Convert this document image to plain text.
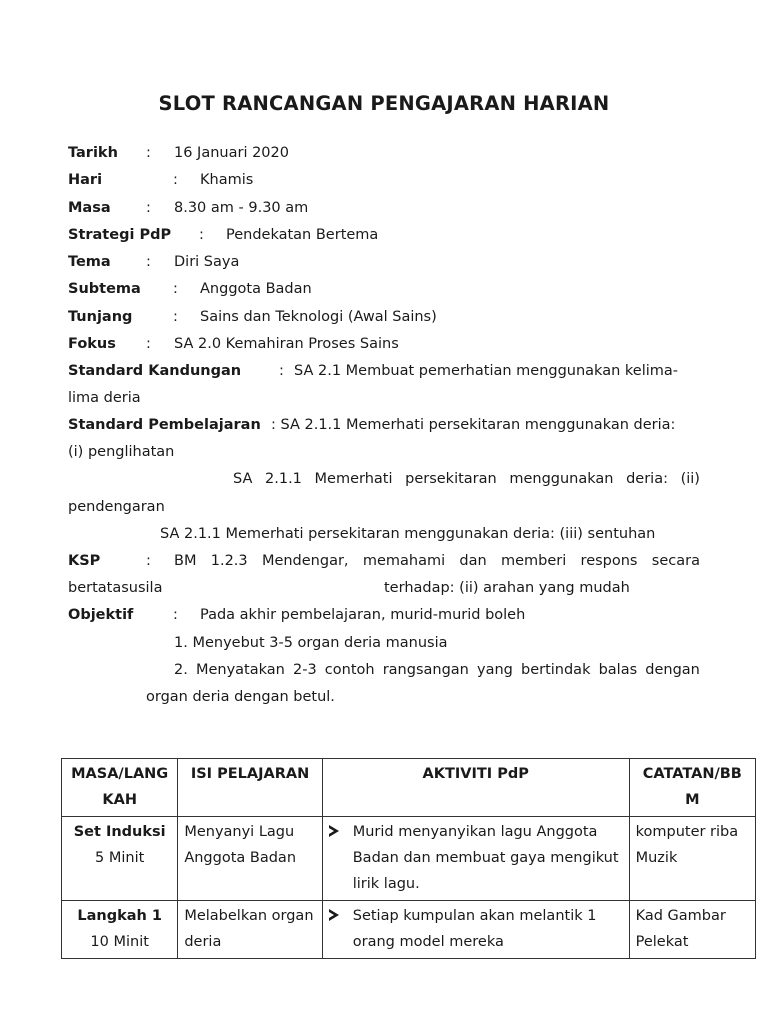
SLOT RANCANGAN PENGAJARAN HARIAN
Tarikh : 16 Januari 2020
Hari	: Khamis
Masa : 8.30 am - 9.30 am
Strategi PdP : Pendekatan Bertema
Tema : Diri Saya
Subtema : Anggota Badan
Tunjang	: Sains dan Teknologi (Awal Sains)
Fokus : SA 2.0 Kemahiran Proses Sains
Standard Kandungan	: SA 2.1 Membuat pemerhatian menggunakan kelima-
lima deria
Standard Pembelajaran : SA 2.1.1 Memerhati persekitaran menggunakan deria:
(i) penglihatan
SA 2.1.1 Memerhati persekitaran menggunakan deria: (ii)
pendengaran
SA 2.1.1 Memerhati persekitaran menggunakan deria: (iii) sentuhan
KSP	: BM 1.2.3 Mendengar, memahami dan memberi respons secara
bertatasusila	terhadap: (ii) arahan yang mudah
Objektif	: Pada akhir pembelajaran, murid-murid boleh
1. Menyebut 3-5 organ deria manusia
2. Menyatakan 2-3 contoh rangsangan yang bertindak balas dengan
organ deria dengan betul.
MASA/LANG KAH	ISI PELAJARAN	AKTIVITI PdP	CATATAN/BB M

Set Induksi
5 Minit	Menyanyi Lagu Anggota Badan	Murid menyanyikan lagu Anggota Badan dan membuat gaya mengikut lirik lagu.	komputer riba Muzik

Langkah 1
10 Minit	Melabelkan organ deria	Setiap kumpulan akan melantik 1 orang model mereka	Kad Gambar Pelekat
